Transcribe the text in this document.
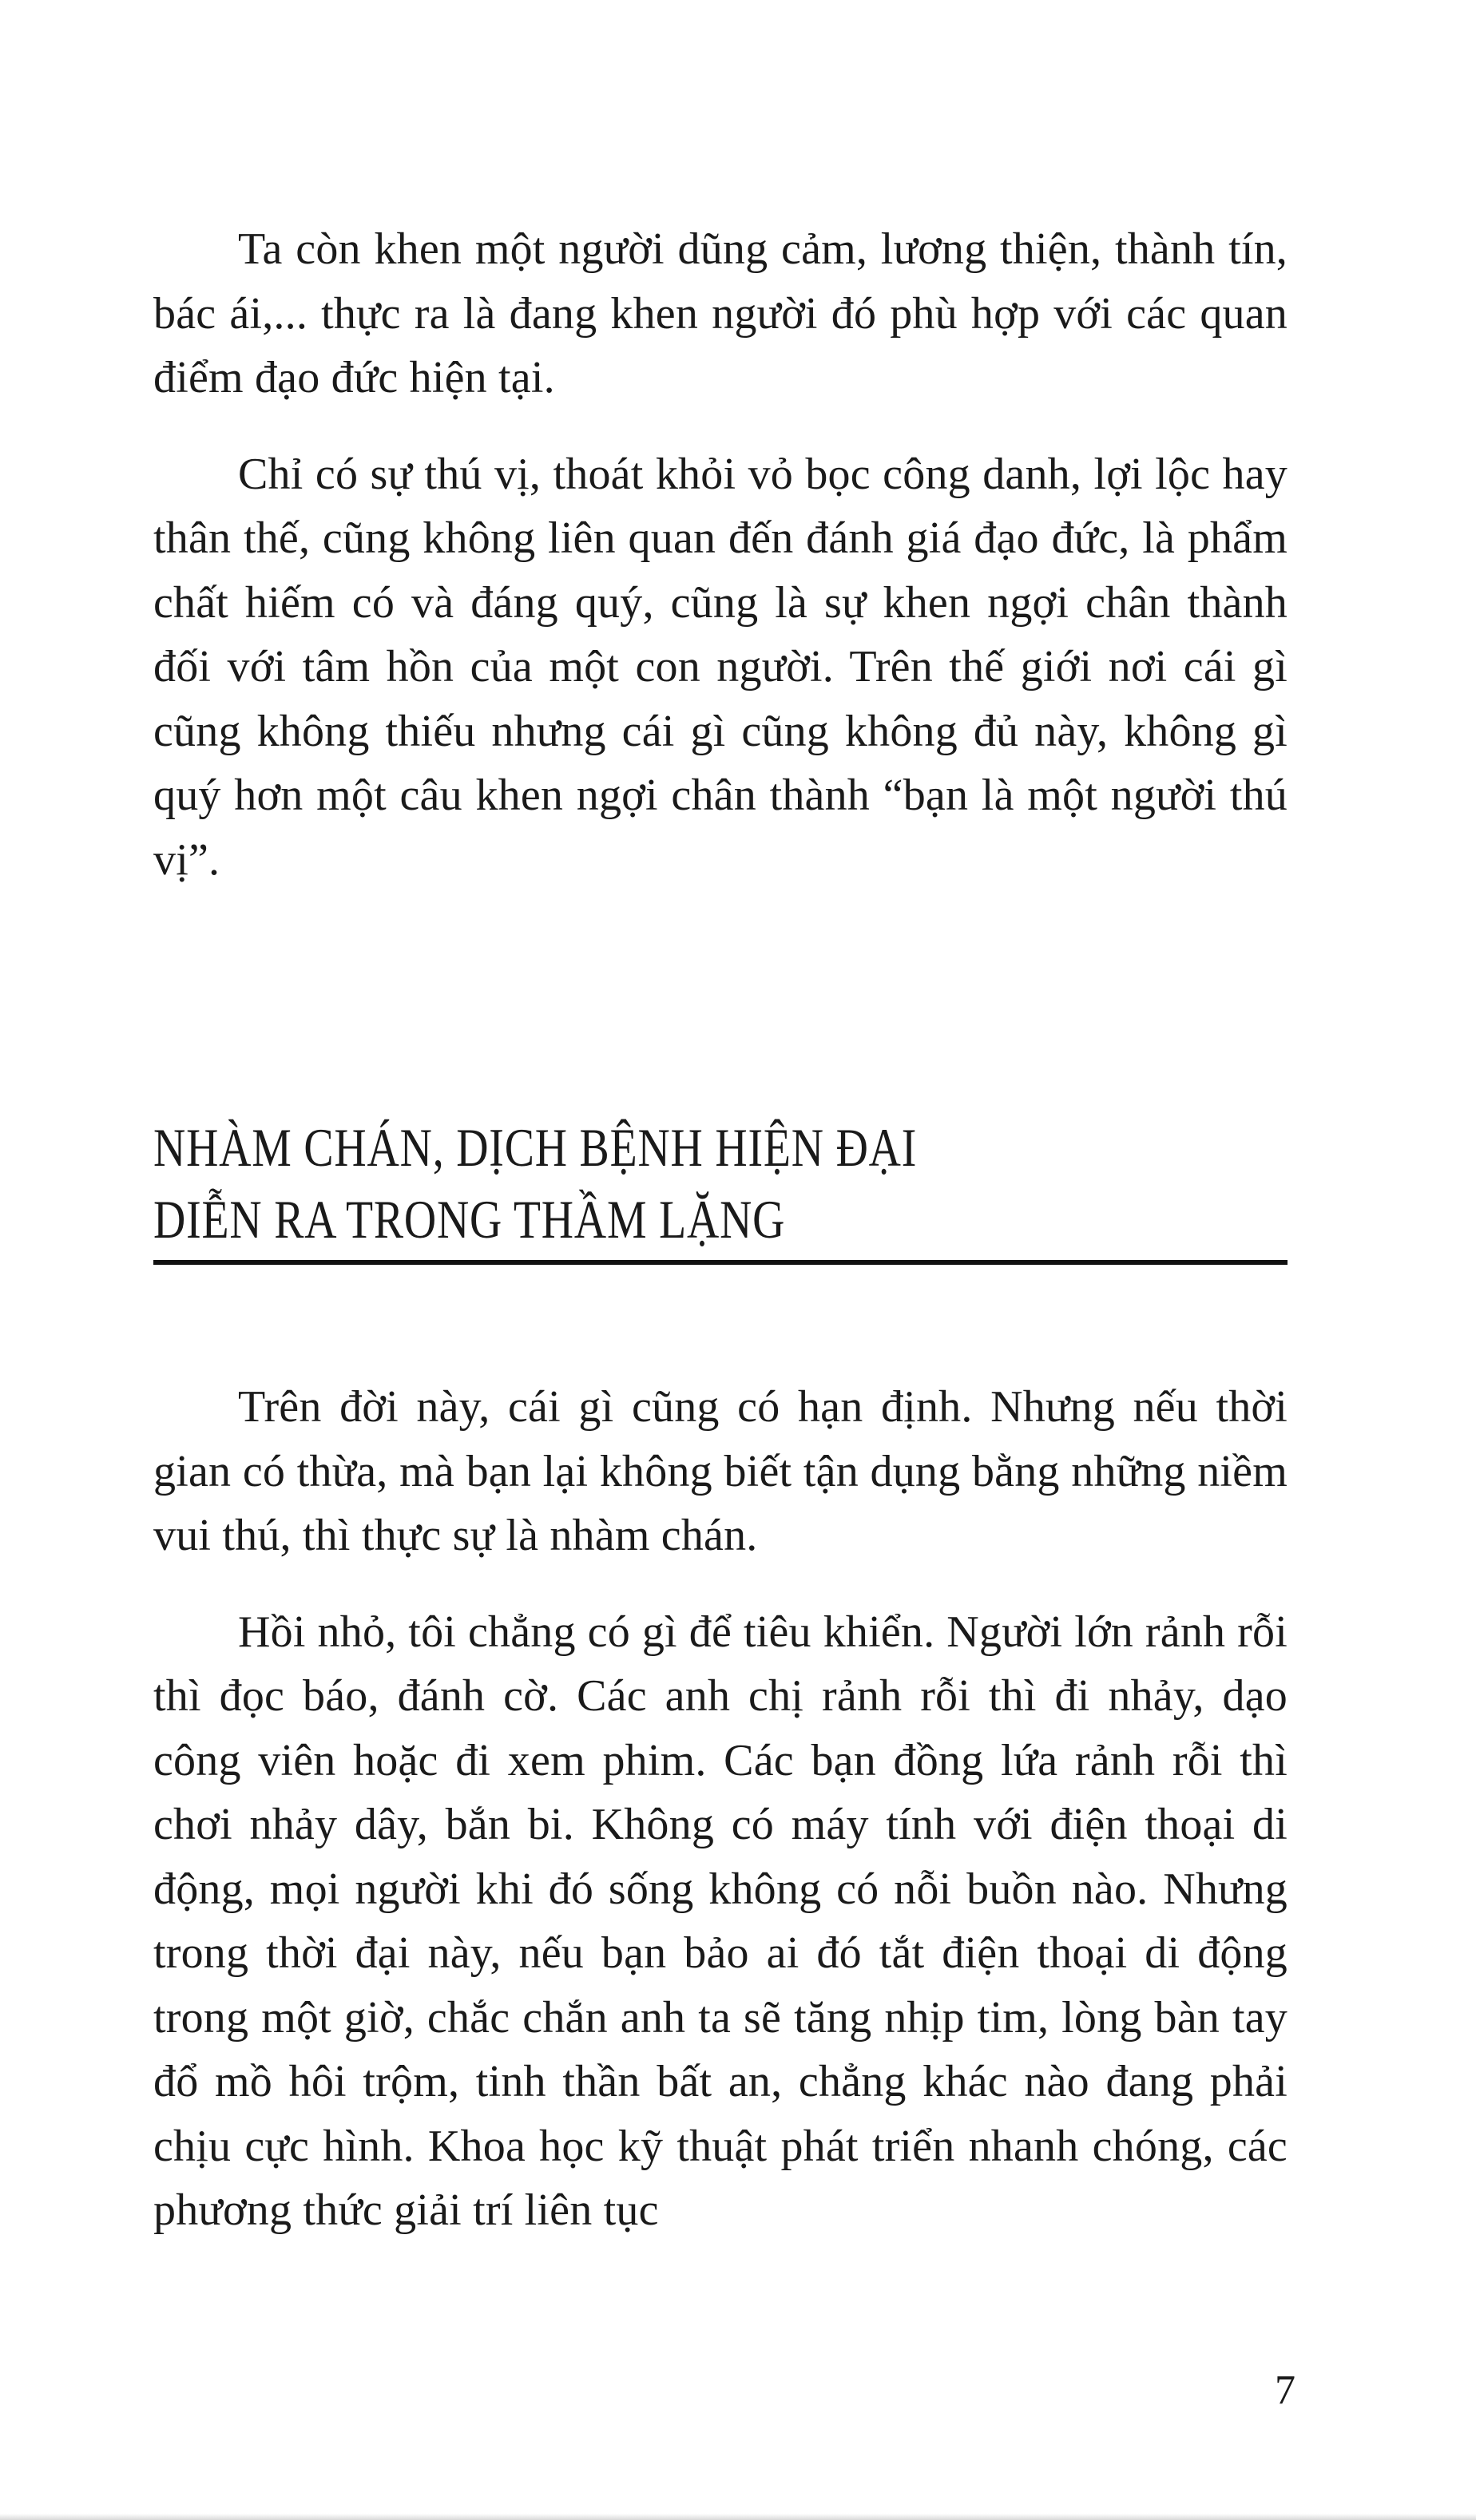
Ta còn khen một người dũng cảm, lương thiện, thành tín, bác ái,... thực ra là đang khen người đó phù hợp với các quan điểm đạo đức hiện tại.

Chỉ có sự thú vị, thoát khỏi vỏ bọc công danh, lợi lộc hay thân thế, cũng không liên quan đến đánh giá đạo đức, là phẩm chất hiếm có và đáng quý, cũng là sự khen ngợi chân thành đối với tâm hồn của một con người. Trên thế giới nơi cái gì cũng không thiếu nhưng cái gì cũng không đủ này, không gì quý hơn một câu khen ngợi chân thành “bạn là một người thú vị”.

NHÀM CHÁN, DỊCH BỆNH HIỆN ĐẠI
DIỄN RA TRONG THẦM LẶNG

Trên đời này, cái gì cũng có hạn định. Nhưng nếu thời gian có thừa, mà bạn lại không biết tận dụng bằng những niềm vui thú, thì thực sự là nhàm chán.

Hồi nhỏ, tôi chẳng có gì để tiêu khiển. Người lớn rảnh rỗi thì đọc báo, đánh cờ. Các anh chị rảnh rỗi thì đi nhảy, dạo công viên hoặc đi xem phim. Các bạn đồng lứa rảnh rỗi thì chơi nhảy dây, bắn bi. Không có máy tính với điện thoại di động, mọi người khi đó sống không có nỗi buồn nào. Nhưng trong thời đại này, nếu bạn bảo ai đó tắt điện thoại di động trong một giờ, chắc chắn anh ta sẽ tăng nhịp tim, lòng bàn tay đổ mồ hôi trộm, tinh thần bất an, chẳng khác nào đang phải chịu cực hình. Khoa học kỹ thuật phát triển nhanh chóng, các phương thức giải trí liên tục

7
